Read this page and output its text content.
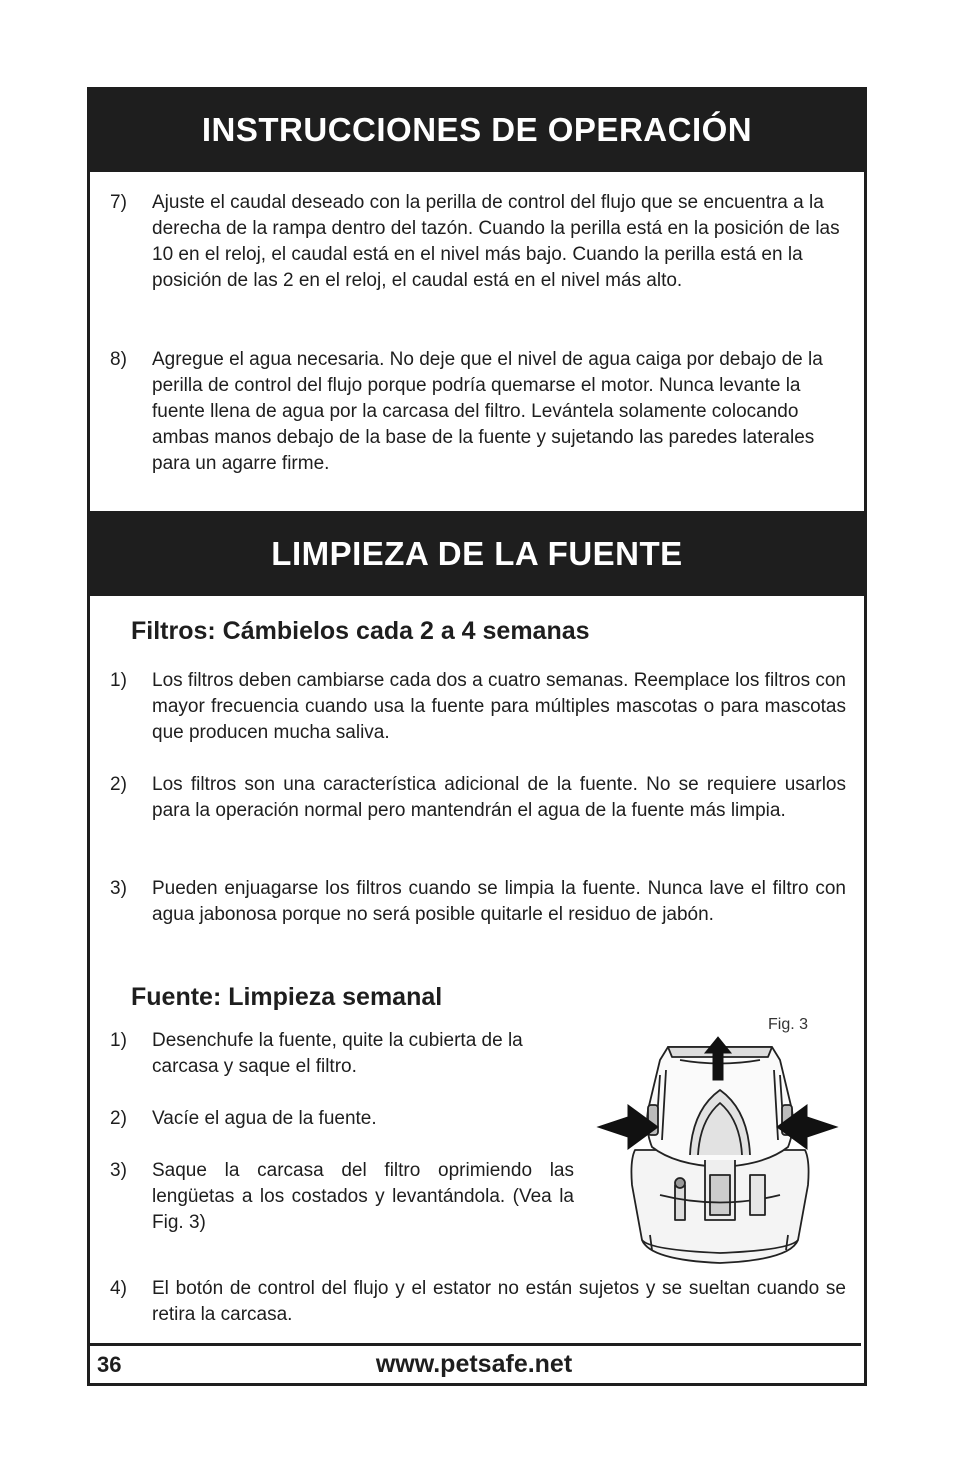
INSTRUCCIONES DE OPERACIÓN
7)	Ajuste el caudal deseado con la perilla de control del flujo que se encuentra a la derecha de la rampa dentro del tazón. Cuando la perilla está en la posición de las 10 en el reloj, el caudal está en el nivel más bajo. Cuando la perilla está en la posición de las 2 en el reloj, el caudal está en el nivel más alto.
8)	Agregue el agua necesaria. No deje que el nivel de agua caiga por debajo de la perilla de control del flujo porque podría quemarse el motor. Nunca levante la fuente llena de agua por la carcasa del filtro. Levántela solamente colocando ambas manos debajo de la base de la fuente y sujetando las paredes laterales para un agarre firme.
LIMPIEZA DE LA FUENTE
Filtros: Cámbielos cada 2 a 4 semanas
1)	Los filtros deben cambiarse cada dos a cuatro semanas. Reemplace los filtros con mayor frecuencia cuando usa la fuente para múltiples mascotas o para mascotas que producen mucha saliva.
2)	Los filtros son una característica adicional de la fuente. No se requiere usarlos para la operación normal pero mantendrán el agua de la fuente más limpia.
3)	Pueden enjuagarse los filtros cuando se limpia la fuente. Nunca lave el filtro con agua jabonosa porque no será posible quitarle el residuo de jabón.
Fuente: Limpieza semanal
1)	Desenchufe la fuente, quite la cubierta de la carcasa y saque el filtro.
2)	Vacíe el agua de la fuente.
3)	Saque la carcasa del filtro oprimiendo las lengüetas a los costados y levantándola. (Vea la Fig. 3)
Fig. 3
4)	El botón de control del flujo y el estator no están sujetos y se sueltan cuando se retira la carcasa.
36	www.petsafe.net
